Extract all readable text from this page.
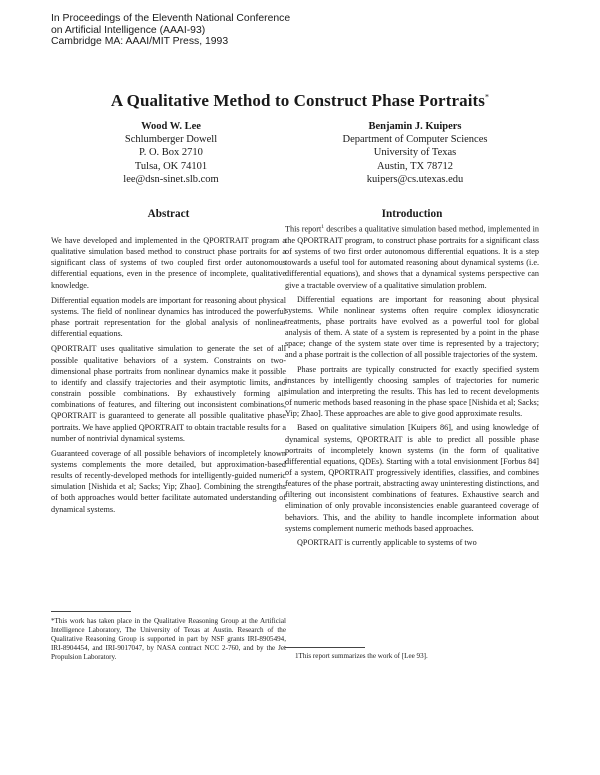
In Proceedings of the Eleventh National Conference
on Artificial Intelligence (AAAI-93)
Cambridge MA: AAAI/MIT Press, 1993
A Qualitative Method to Construct Phase Portraits*
Wood W. Lee
Schlumberger Dowell
P. O. Box 2710
Tulsa, OK 74101
lee@dsn-sinet.slb.com
Benjamin J. Kuipers
Department of Computer Sciences
University of Texas
Austin, TX 78712
kuipers@cs.utexas.edu
Abstract	Introduction

We have developed and implemented in the QPORTRAIT program a qualitative simulation based method to construct phase portraits for a significant class of systems of two coupled first order autonomous differential equations, even in the presence of incomplete, qualitative knowledge.

Differential equation models are important for reasoning about physical systems. The field of nonlinear dynamics has introduced the powerful phase portrait representation for the global analysis of nonlinear differential equations.

QPORTRAIT uses qualitative simulation to generate the set of all possible qualitative behaviors of a system. Constraints on two-dimensional phase portraits from nonlinear dynamics make it possible to identify and classify trajectories and their asymptotic limits, and constrain possible combinations. By exhaustively forming all combinations of features, and filtering out inconsistent combinations, QPORTRAIT is guaranteed to generate all possible qualitative phase portraits. We have applied QPORTRAIT to obtain tractable results for a number of nontrivial dynamical systems.

Guaranteed coverage of all possible behaviors of incompletely known systems complements the more detailed, but approximation-based results of recently-developed methods for intelligently-guided numeric simulation [Nishida et al; Sacks; Yip; Zhao]. Combining the strengths of both approaches would better facilitate automated understanding of dynamical systems.

*This work has taken place in the Qualitative Reasoning Group at the Artificial Intelligence Laboratory, The University of Texas at Austin. Research of the Qualitative Reasoning Group is supported in part by NSF grants IRI-8905494, IRI-8904454, and IRI-9017047, by NASA contract NCC 2-760, and by the Jet Propulsion Laboratory.

This report$^1$ describes a qualitative simulation based method, implemented in the QPORTRAIT program, to construct phase portraits for a significant class of systems of two first order autonomous differential equations. It is a step towards a useful tool for automated reasoning about dynamical systems (i.e. differential equations), and shows that a dynamical systems perspective can give a tractable overview of a qualitative simulation problem.

Differential equations are important for reasoning about physical systems. While nonlinear systems often require complex idiosyncratic treatments, phase portraits have evolved as a powerful tool for global analysis of them. A state of a system is represented by a point in the phase space; change of the system state over time is represented by a trajectory; and a phase portrait is the collection of all possible trajectories of the system.

Phase portraits are typically constructed for exactly specified system instances by intelligently choosing samples of trajectories for numeric simulation and interpreting the results. This has led to recent developments of numeric methods based reasoning in the phase space [Nishida et al; Sacks; Yip; Zhao]. These approaches are able to give good approximate results.

Based on qualitative simulation [Kuipers 86], and using knowledge of dynamical systems, QPORTRAIT is able to predict all possible phase portraits of incompletely known systems (in the form of qualitative differential equations, QDEs). Starting with a total envisionment [Forbus 84] of a system, QPORTRAIT progressively identifies, classifies, and combines features of the phase portrait, abstracting away uninteresting distinctions, and filtering out inconsistent combinations of features. Exhaustive search and elimination of only provable inconsistencies enable guaranteed coverage of behaviors. This, and the ability to handle incomplete information about systems complement numeric methods based approaches.

QPORTRAIT is currently applicable to systems of two

1This report summarizes the work of [Lee 93].
